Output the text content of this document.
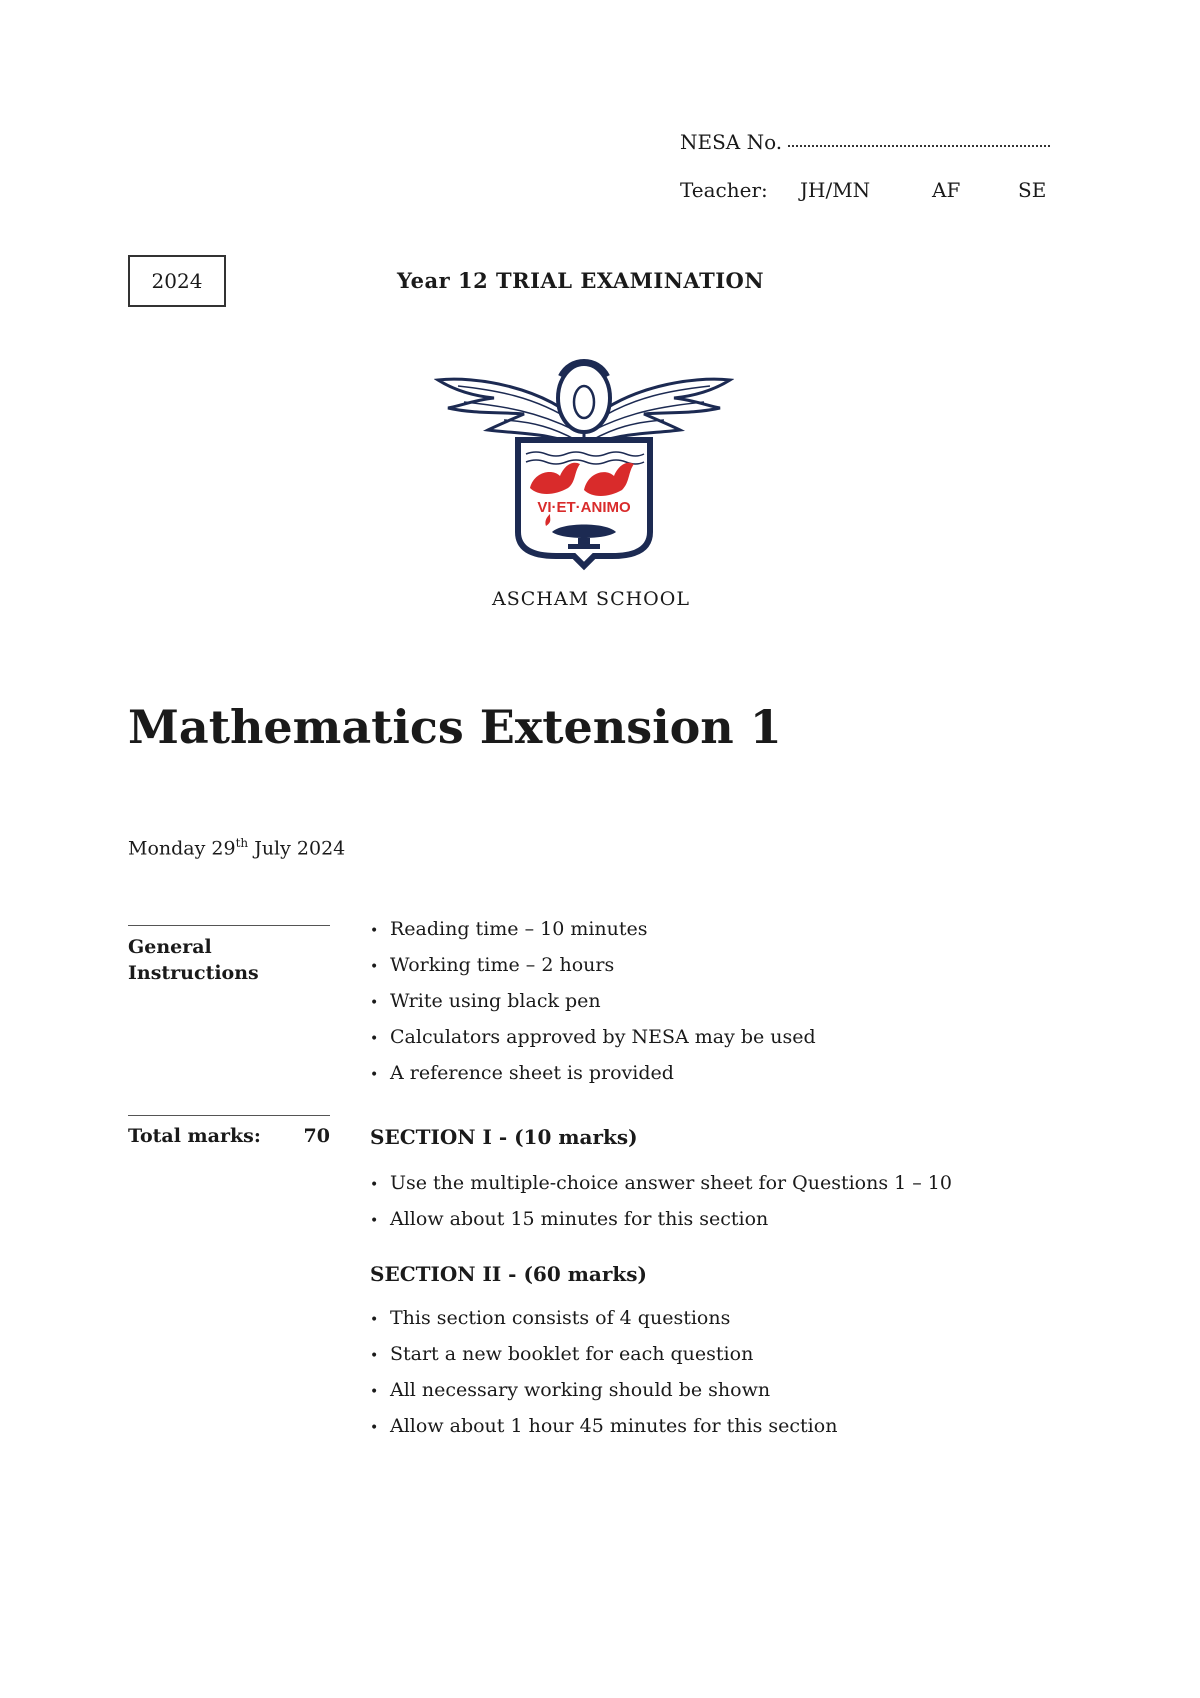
NESA No.
Teacher: JH/MN	AF	SE
2024	Year 12 TRIAL EXAMINATION
VI·ET·ANIMO
ASCHAM SCHOOL
Mathematics Extension 1
Monday 29th July 2024
General
Instructions
• Reading time – 10 minutes
• Working time – 2 hours
• Write using black pen
• Calculators approved by NESA may be used
• A reference sheet is provided
Total marks: 70 SECTION I - (10 marks)
• Use the multiple-choice answer sheet for Questions 1 – 10
• Allow about 15 minutes for this section
SECTION II - (60 marks)
• This section consists of 4 questions
• Start a new booklet for each question
• All necessary working should be shown
• Allow about 1 hour 45 minutes for this section
